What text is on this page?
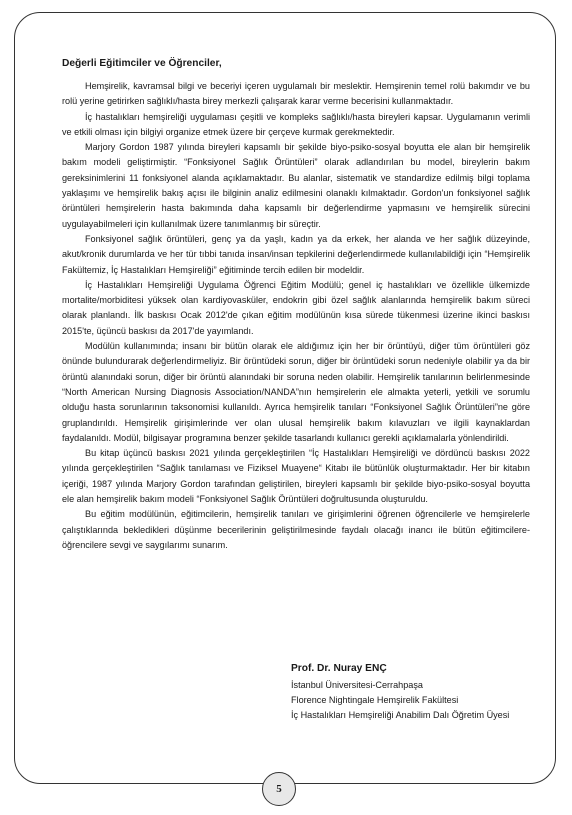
Değerli Eğitimciler ve Öğrenciler,

Hemşirelik, kavramsal bilgi ve beceriyi içeren uygulamalı bir meslektir. Hemşirenin temel rolü bakımdır ve bu rolü yerine getirirken sağlıklı/hasta birey merkezli çalışarak karar verme becerisini kullanmaktadır.

İç hastalıkları hemşireliği uygulaması çeşitli ve kompleks sağlıklı/hasta bireyleri kapsar. Uygulamanın verimli ve etkili olması için bilgiyi organize etmek üzere bir çerçeve kurmak gerekmektedir.

Marjory Gordon 1987 yılında bireyleri kapsamlı bir şekilde biyo-psiko-sosyal boyutta ele alan bir hemşirelik bakım modeli geliştirmiştir. “Fonksiyonel Sağlık Örüntüleri” olarak adlandırılan bu model, bireylerin bakım gereksinimlerini 11 fonksiyonel alanda açıklamaktadır. Bu alanlar, sistematik ve standardize edilmiş bilgi toplama yaklaşımı ve hemşirelik bakış açısı ile bilginin analiz edilmesini olanaklı kılmaktadır. Gordon'un fonksiyonel sağlık örüntüleri hemşirelerin hasta bakımında daha kapsamlı bir değerlendirme yapmasını ve hemşirelik sürecini uygulayabilmeleri için kullanılmak üzere tanımlanmış bir süreçtir.

Fonksiyonel sağlık örüntüleri, genç ya da yaşlı, kadın ya da erkek, her alanda ve her sağlık düzeyinde, akut/kronik durumlarda ve her tür tıbbi tanıda insan/insan tepkilerini değerlendirmede kullanılabildiği için “Hemşirelik Fakültemiz, İç Hastalıkları Hemşireliği” eğitiminde tercih edilen bir modeldir.

İç Hastalıkları Hemşireliği Uygulama Öğrenci Eğitim Modülü; genel iç hastalıkları ve özellikle ülkemizde mortalite/morbiditesi yüksek olan kardiyovasküler, endokrin gibi özel sağlık alanlarında hemşirelik bakım süreci olarak planlandı. İlk baskısı Ocak 2012'de çıkan eğitim modülünün kısa sürede tükenmesi üzerine ikinci baskısı 2015'te, üçüncü baskısı da 2017'de yayımlandı.

Modülün kullanımında; insanı bir bütün olarak ele aldığımız için her bir örüntüyü, diğer tüm örüntüleri göz önünde bulundurarak değerlendirmeliyiz. Bir örüntüdeki sorun, diğer bir örüntüdeki sorun nedeniyle olabilir ya da bir örüntü alanındaki sorun, diğer bir örüntü alanındaki bir soruna neden olabilir. Hemşirelik tanılarının belirlenmesinde “North American Nursing Diagnosis Association/NANDA”nın hemşirelerin ele almakta yeterli, yetkili ve sorumlu olduğu hasta sorunlarının taksonomisi kullanıldı. Ayrıca hemşirelik tanıları “Fonksiyonel Sağlık Örüntüleri”ne göre gruplandırıldı. Hemşirelik girişimlerinde ver olan ulusal hemşirelik bakım kılavuzları ve ilgili kaynaklardan faydalanıldı. Modül, bilgisayar programına benzer şekilde tasarlandı kullanıcı gerekli açıklamalarla yönlendirildi.

Bu kitap üçüncü baskısı 2021 yılında gerçekleştirilen “İç Hastalıkları Hemşireliği ve dördüncü baskısı 2022 yılında gerçekleştirilen “Sağlık tanılaması ve Fiziksel Muayene“ Kitabı ile bütünlük oluşturmaktadır. Her bir kitabın içeriği, 1987 yılında Marjory Gordon tarafından geliştirilen, bireyleri kapsamlı bir şekilde biyo-psiko-sosyal boyutta ele alan hemşirelik bakım modeli “Fonksiyonel Sağlık Örüntüleri doğrultusunda oluşturuldu.

Bu eğitim modülünün, eğitimcilerin, hemşirelik tanıları ve girişimlerini öğrenen öğrencilerle ve hemşirelerle çalıştıklarında bekledikleri düşünme becerilerinin geliştirilmesinde faydalı olacağı inancı ile bütün eğitimcilere-öğrencilere sevgi ve saygılarımı sunarım.

Prof. Dr. Nuray ENÇ
İstanbul Üniversitesi-Cerrahpaşa
Florence Nightingale Hemşirelik Fakültesi
İç Hastalıkları Hemşireliği Anabilim Dalı Öğretim Üyesi
5
